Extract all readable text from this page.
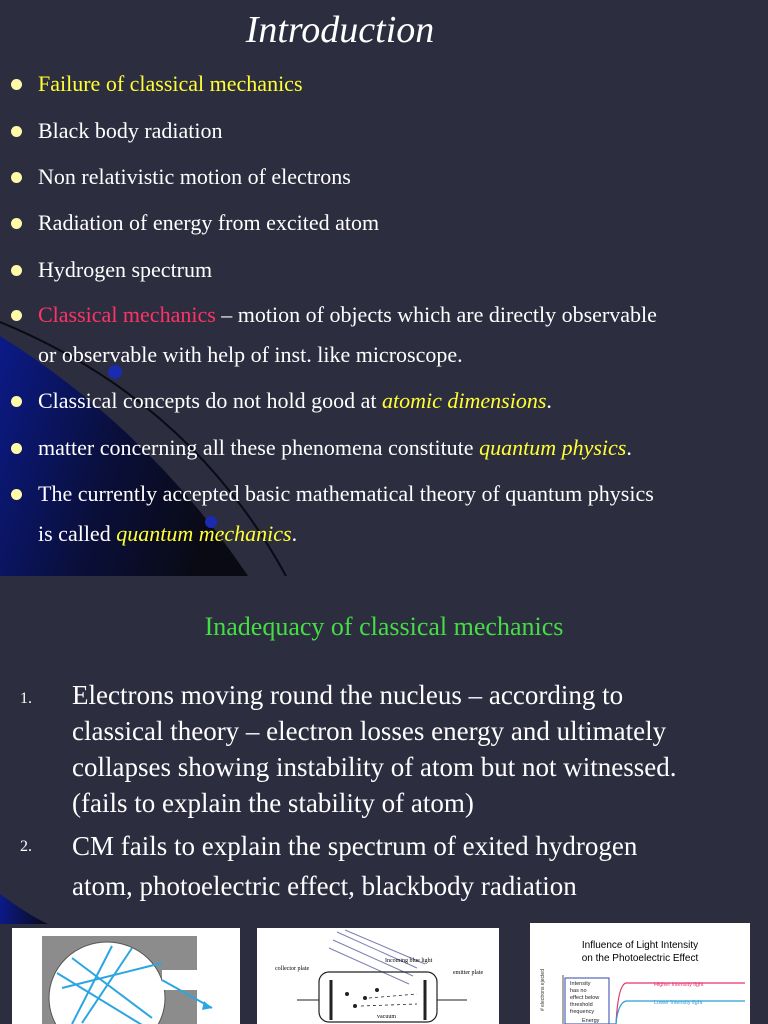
Introduction
Failure of classical mechanics
Black body radiation
Non relativistic motion of electrons
Radiation of energy from excited atom
Hydrogen spectrum
Classical mechanics – motion of objects which are directly observable
or observable with help of inst. like microscope.
Classical concepts do not hold good at atomic dimensions.
matter concerning all these phenomena constitute quantum physics.
The currently accepted basic mathematical theory of quantum physics
is called quantum mechanics.
Inadequacy of classical mechanics
1. Electrons moving round the nucleus – according to
classical theory – electron losses energy and ultimately
collapses showing instability of atom but not witnessed.
(fails to explain the stability of atom)
2. CM fails to explain the spectrum of exited hydrogen
atom, photoelectric effect, blackbody radiation
collector plate
Incoming blue light
emitter plate
vacuum
Influence of Light Intensity
on the Photoelectric Effect
# electrons ejected	Intensity has no effect below threshold frequency
Higher intensity light
Lower intensity light
Energy
